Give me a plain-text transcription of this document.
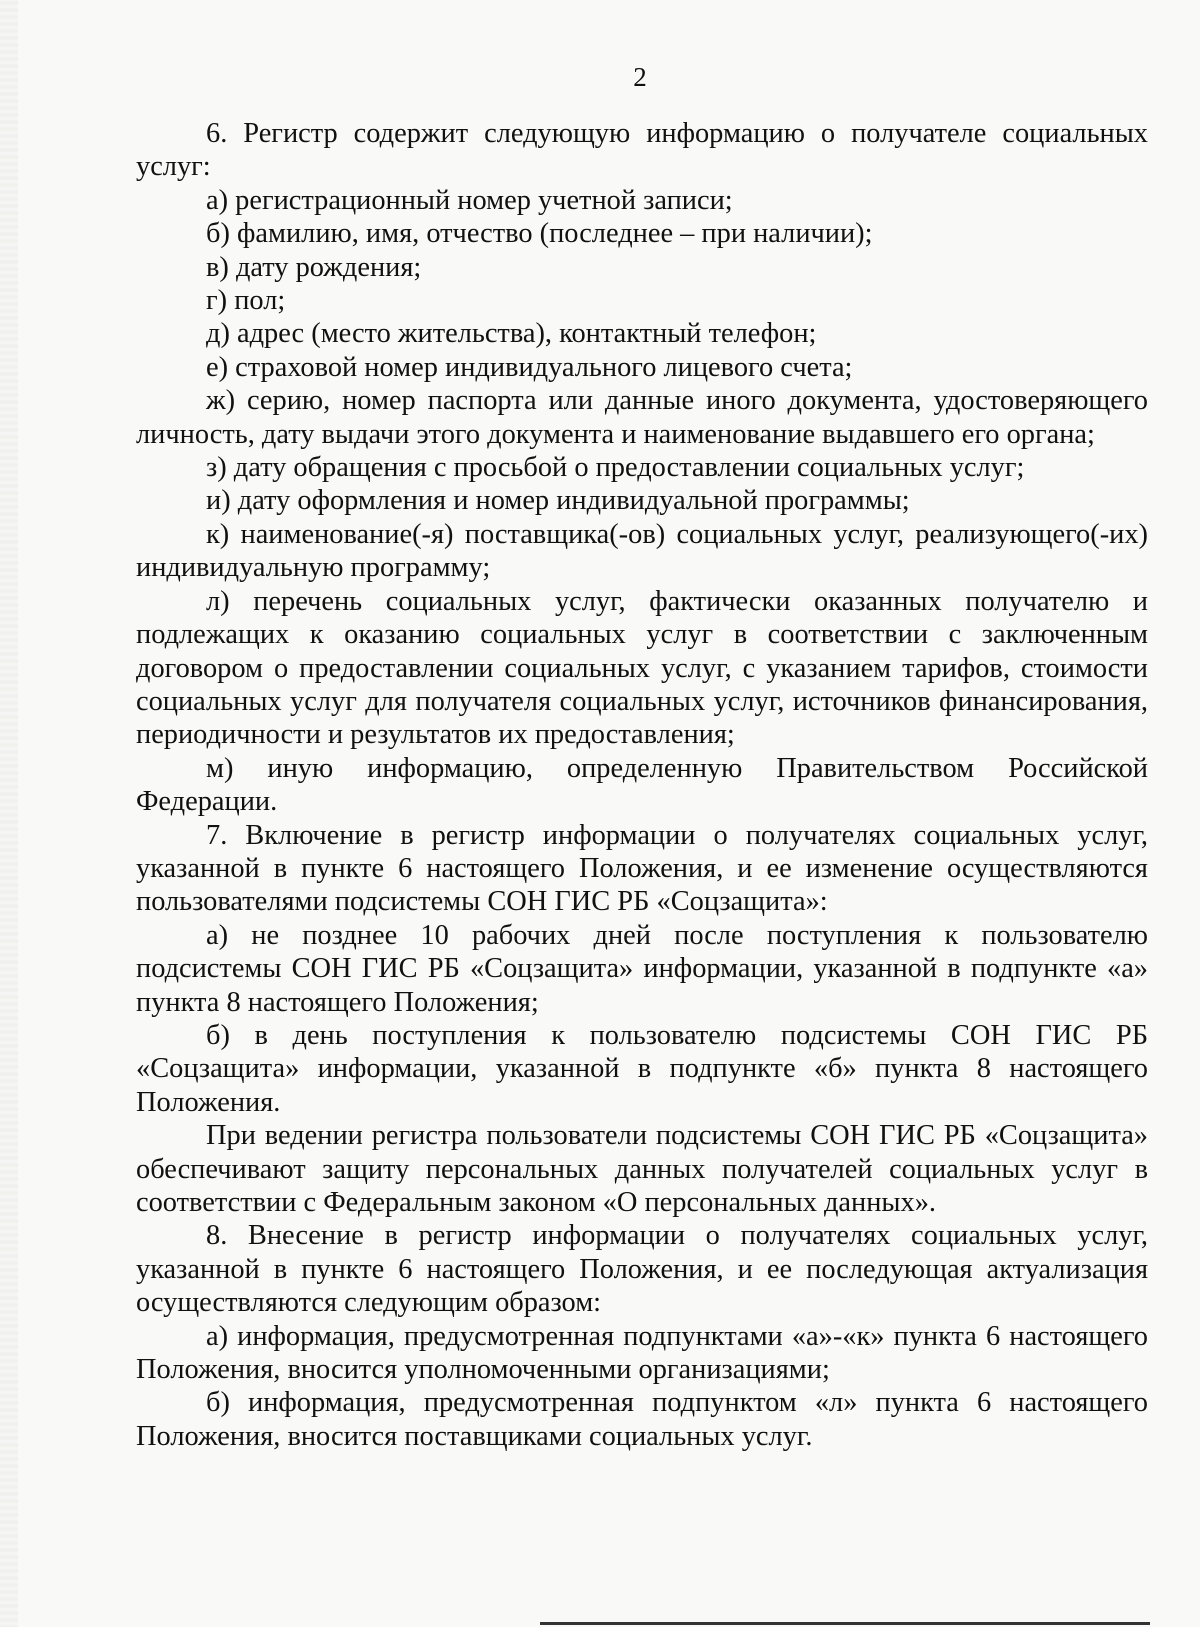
2

6. Регистр содержит следующую информацию о получателе социальных услуг:

а) регистрационный номер учетной записи;

б) фамилию, имя, отчество (последнее – при наличии);

в) дату рождения;

г) пол;

д) адрес (место жительства), контактный телефон;

е) страховой номер индивидуального лицевого счета;

ж) серию, номер паспорта или данные иного документа, удостоверяющего личность, дату выдачи этого документа и наименование выдавшего его органа;

з) дату обращения с просьбой о предоставлении социальных услуг;

и) дату оформления и номер индивидуальной программы;

к) наименование(-я) поставщика(-ов) социальных услуг, реализующего(-их) индивидуальную программу;

л) перечень социальных услуг, фактически оказанных получателю и подлежащих к оказанию социальных услуг в соответствии с заключенным договором о предоставлении социальных услуг, с указанием тарифов, стоимости социальных услуг для получателя социальных услуг, источников финансирования, периодичности и результатов их предоставления;

м) иную информацию, определенную Правительством Российской Федерации.

7. Включение в регистр информации о получателях социальных услуг, указанной в пункте 6 настоящего Положения, и ее изменение осуществляются пользователями подсистемы СОН ГИС РБ «Соцзащита»:

а) не позднее 10 рабочих дней после поступления к пользователю подсистемы СОН ГИС РБ «Соцзащита» информации, указанной в подпункте «а» пункта 8 настоящего Положения;

б) в день поступления к пользователю подсистемы СОН ГИС РБ «Соцзащита» информации, указанной в подпункте «б» пункта 8 настоящего Положения.

При ведении регистра пользователи подсистемы СОН ГИС РБ «Соцзащита» обеспечивают защиту персональных данных получателей социальных услуг в соответствии с Федеральным законом «О персональных данных».

8. Внесение в регистр информации о получателях социальных услуг, указанной в пункте 6 настоящего Положения, и ее последующая актуализация осуществляются следующим образом:

а) информация, предусмотренная подпунктами «а»-«к» пункта 6 настоящего Положения, вносится уполномоченными организациями;

б) информация, предусмотренная подпунктом «л» пункта 6 настоящего Положения, вносится поставщиками социальных услуг.
